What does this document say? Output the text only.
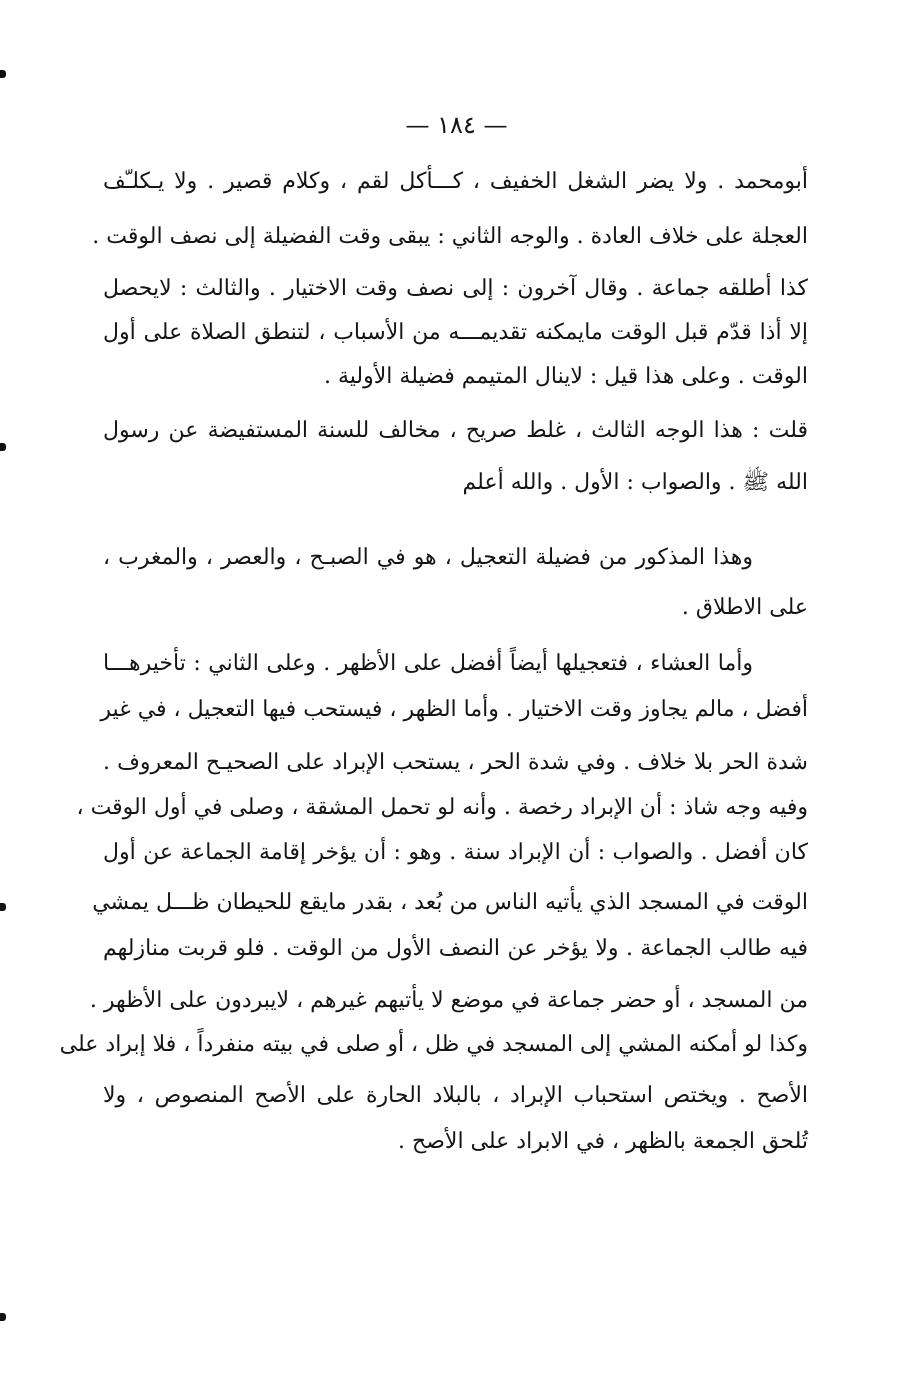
— ١٨٤ —
أبومحمد . ولا يضر الشغل الخفيف ، كـــأكل لقم ، وكلام قصير . ولا يـكلـّف
العجلة على خلاف العادة . والوجه الثاني : يبقى وقت الفضيلة إلى نصف الوقت .
كذا أطلقه جماعة . وقال آخرون : إلى نصف وقت الاختيار . والثالث : لايحصل
إلا أذا قدّم قبل الوقت مايمكنه تقديمـــه من الأسباب ، لتنطق الصلاة على أول
الوقت . وعلى هذا قيل : لاينال المتيمم فضيلة الأولية .
قلت : هذا الوجه الثالث ، غلط صريح ، مخالف للسنة المستفيضة عن رسول
الله ﷺ . والصواب : الأول . والله أعلم
وهذا المذكور من فضيلة التعجيل ، هو في الصبـح ، والعصر ، والمغرب ،
على الاطلاق .
وأما العشاء ، فتعجيلها أيضاً أفضل على الأظهر . وعلى الثاني : تأخيرهـــا
أفضل ، مالم يجاوز وقت الاختيار . وأما الظهر ، فيستحب فيها التعجيل ، في غير
شدة الحر بلا خلاف . وفي شدة الحر ، يستحب الإبراد على الصحيـح المعروف .
وفيه وجه شاذ : أن الإبراد رخصة . وأنه لو تحمل المشقة ، وصلى في أول الوقت ،
كان أفضل . والصواب : أن الإبراد سنة . وهو : أن يؤخر إقامة الجماعة عن أول
الوقت في المسجد الذي يأتيه الناس من بُعد ، بقدر مايقع للحيطان ظـــل يمشي
فيه طالب الجماعة . ولا يؤخر عن النصف الأول من الوقت . فلو قربت منازلهم
من المسجد ، أو حضر جماعة في موضع لا يأتيهم غيرهم ، لايبردون على الأظهر .
وكذا لو أمكنه المشي إلى المسجد في ظل ، أو صلى في بيته منفرداً ، فلا إبراد على
الأصح . ويختص استحباب الإبراد ، بالبلاد الحارة على الأصح المنصوص ، ولا
تُلحق الجمعة بالظهر ، في الابراد على الأصح .
